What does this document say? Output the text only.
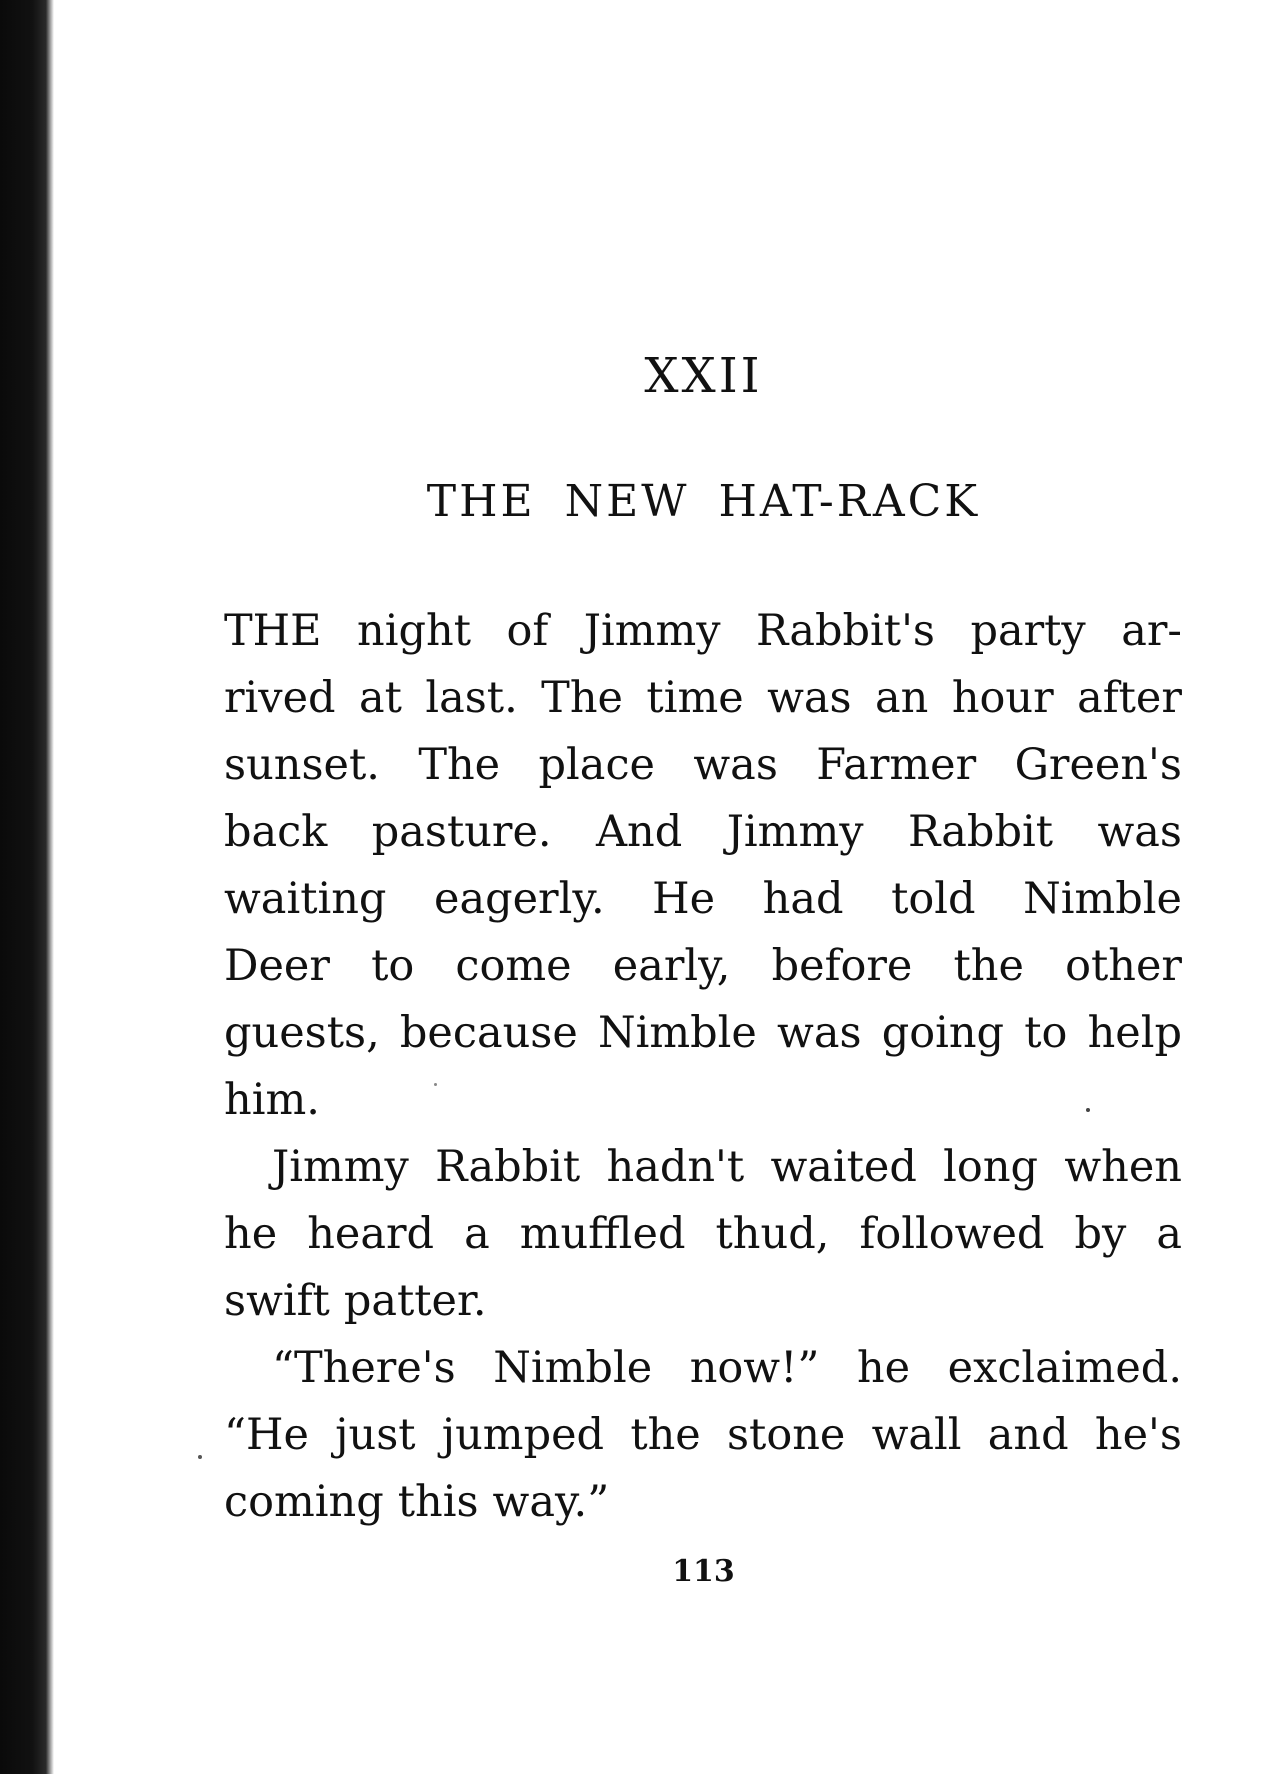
XXII
THE NEW HAT-RACK
THE night of Jimmy Rabbit's party ar-
rived at last. The time was an hour after
sunset. The place was Farmer Green's
back pasture. And Jimmy Rabbit was
waiting eagerly. He had told Nimble
Deer to come early, before the other
guests, because Nimble was going to help
him.
Jimmy Rabbit hadn't waited long when
he heard a muffled thud, followed by a
swift patter.
“There's Nimble now!” he exclaimed.
“He just jumped the stone wall and he's
coming this way.”
113
